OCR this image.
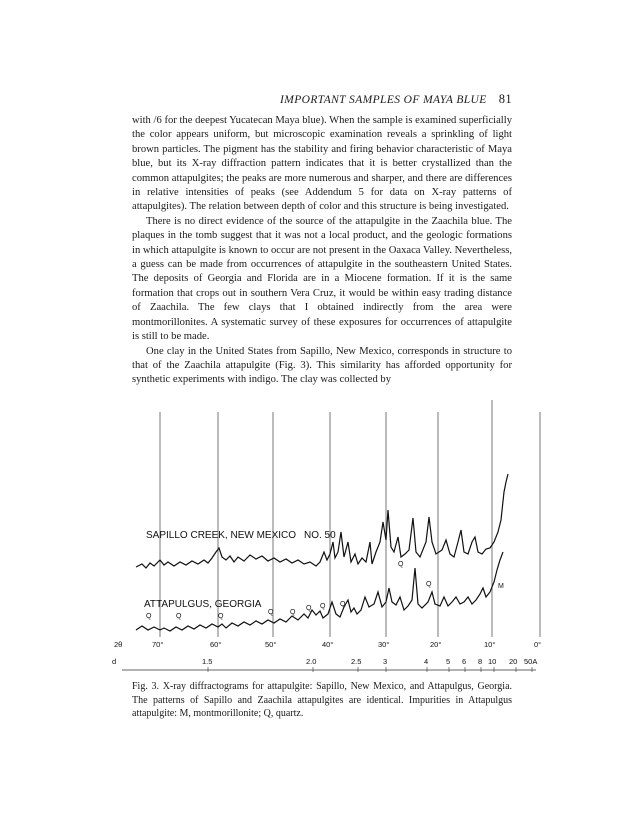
IMPORTANT SAMPLES OF MAYA BLUE 81

with /6 for the deepest Yucatecan Maya blue). When the sample is examined superficially the color appears uniform, but microscopic examination reveals a sprinkling of light brown particles. The pigment has the stability and firing behavior characteristic of Maya blue, but its X-ray diffraction pattern indicates that it is better crystallized than the common attapulgites; the peaks are more numerous and sharper, and there are differences in relative intensities of peaks (see Addendum 5 for data on X-ray patterns of attapulgites). The relation between depth of color and this structure is being investigated.

There is no direct evidence of the source of the attapulgite in the Zaachila blue. The plaques in the tomb suggest that it was not a local product, and the geologic formations in which attapulgite is known to occur are not present in the Oaxaca Valley. Nevertheless, a guess can be made from occurrences of attapulgite in the southeastern United States. The deposits of Georgia and Florida are in a Miocene formation. If it is the same formation that crops out in southern Vera Cruz, it would be within easy trading distance of Zaachila. The few clays that I obtained indirectly from the area were montmorillonites. A systematic survey of these exposures for occurrences of attapulgite is still to be made.

One clay in the United States from Sapillo, New Mexico, corresponds in structure to that of the Zaachila attapulgite (Fig. 3). This similarity has afforded opportunity for synthetic experiments with indigo. The clay was collected by

SAPILLO CREEK, NEW MEXICO NO. 50
ATTAPULGUS, GEORGIA
Q	Q	Q
Q Q
Q Q Q
Q
Q	M
2θ	70°	60°	50°	40°	30°	20°	10°	0°
d	1.5	2.0	2.5	3	4 5 6 8 10 20 50A
Fig. 3. X-ray diffractograms for attapulgite: Sapillo, New Mexico, and Attapulgus, Georgia. The patterns of Sapillo and Zaachila attapulgites are identical. Impurities in Attapulgus attapulgite: M, montmorillonite; Q, quartz.
